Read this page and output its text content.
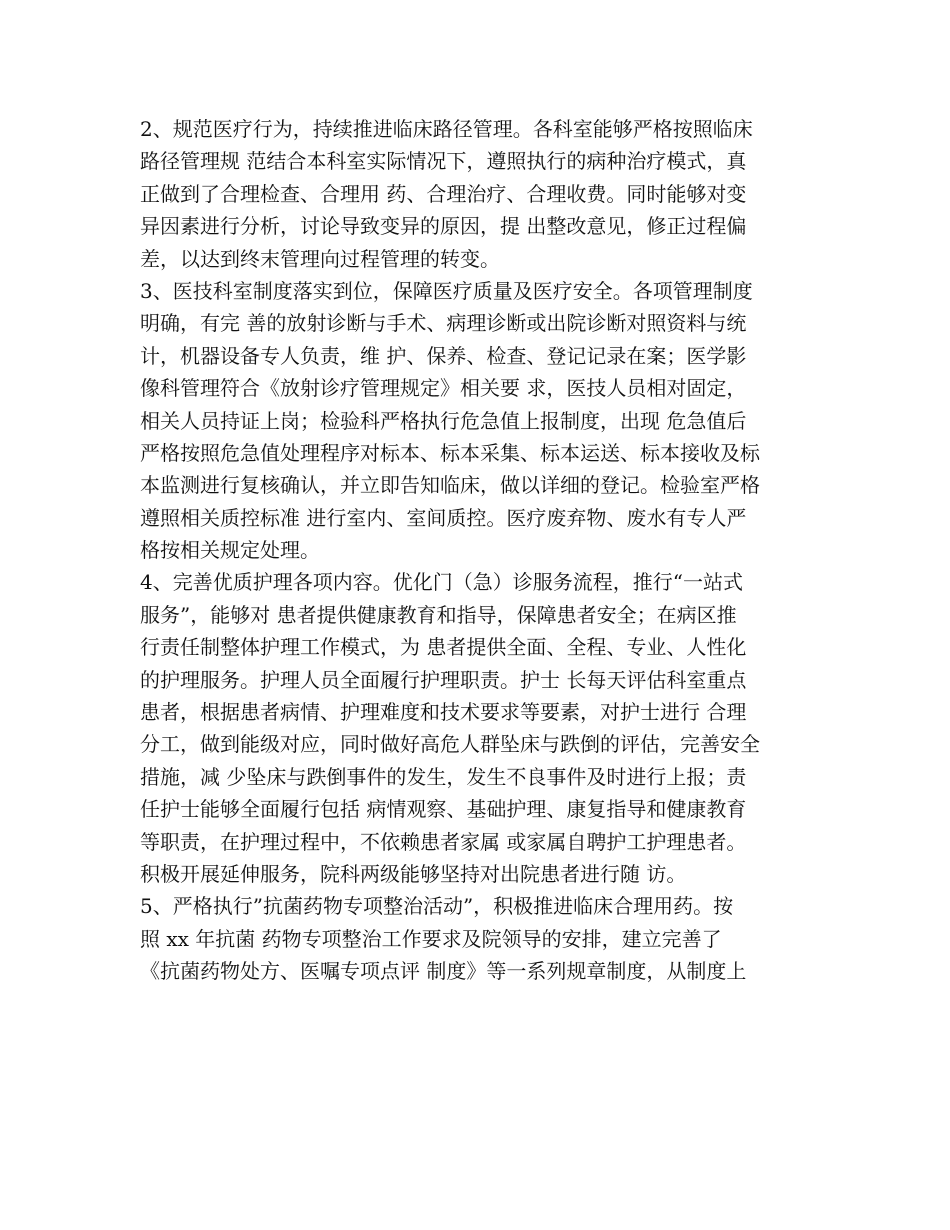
2、规范医疗行为，持续推进临床路径管理。各科室能够严格按照临床
路径管理规 范结合本科室实际情况下，遵照执行的病种治疗模式，真
正做到了合理检查、合理用 药、合理治疗、合理收费。同时能够对变
异因素进行分析，讨论导致变异的原因，提 出整改意见，修正过程偏
差，以达到终末管理向过程管理的转变。
3、医技科室制度落实到位，保障医疗质量及医疗安全。各项管理制度
明确，有完 善的放射诊断与手术、病理诊断或出院诊断对照资料与统
计，机器设备专人负责，维 护、保养、检查、登记记录在案；医学影
像科管理符合《放射诊疗管理规定》相关要 求，医技人员相对固定，
相关人员持证上岗；检验科严格执行危急值上报制度，出现 危急值后
严格按照危急值处理程序对标本、标本采集、标本运送、标本接收及标
本监测进行复核确认，并立即告知临床，做以详细的登记。检验室严格
遵照相关质控标准 进行室内、室间质控。医疗废弃物、废水有专人严
格按相关规定处理。
4、完善优质护理各项内容。优化门（急）诊服务流程，推行“一站式
服务”，能够对 患者提供健康教育和指导，保障患者安全；在病区推
行责任制整体护理工作模式，为 患者提供全面、全程、专业、人性化
的护理服务。护理人员全面履行护理职责。护士 长每天评估科室重点
患者，根据患者病情、护理难度和技术要求等要素，对护士进行 合理
分工，做到能级对应，同时做好高危人群坠床与跌倒的评估，完善安全
措施，减 少坠床与跌倒事件的发生，发生不良事件及时进行上报；责
任护士能够全面履行包括 病情观察、基础护理、康复指导和健康教育
等职责，在护理过程中，不依赖患者家属 或家属自聘护工护理患者。
积极开展延伸服务，院科两级能够坚持对出院患者进行随 访。
5、严格执行”抗菌药物专项整治活动”，积极推进临床合理用药。按
照 xx 年抗菌 药物专项整治工作要求及院领导的安排，建立完善了
《抗菌药物处方、医嘱专项点评 制度》等一系列规章制度，从制度上
